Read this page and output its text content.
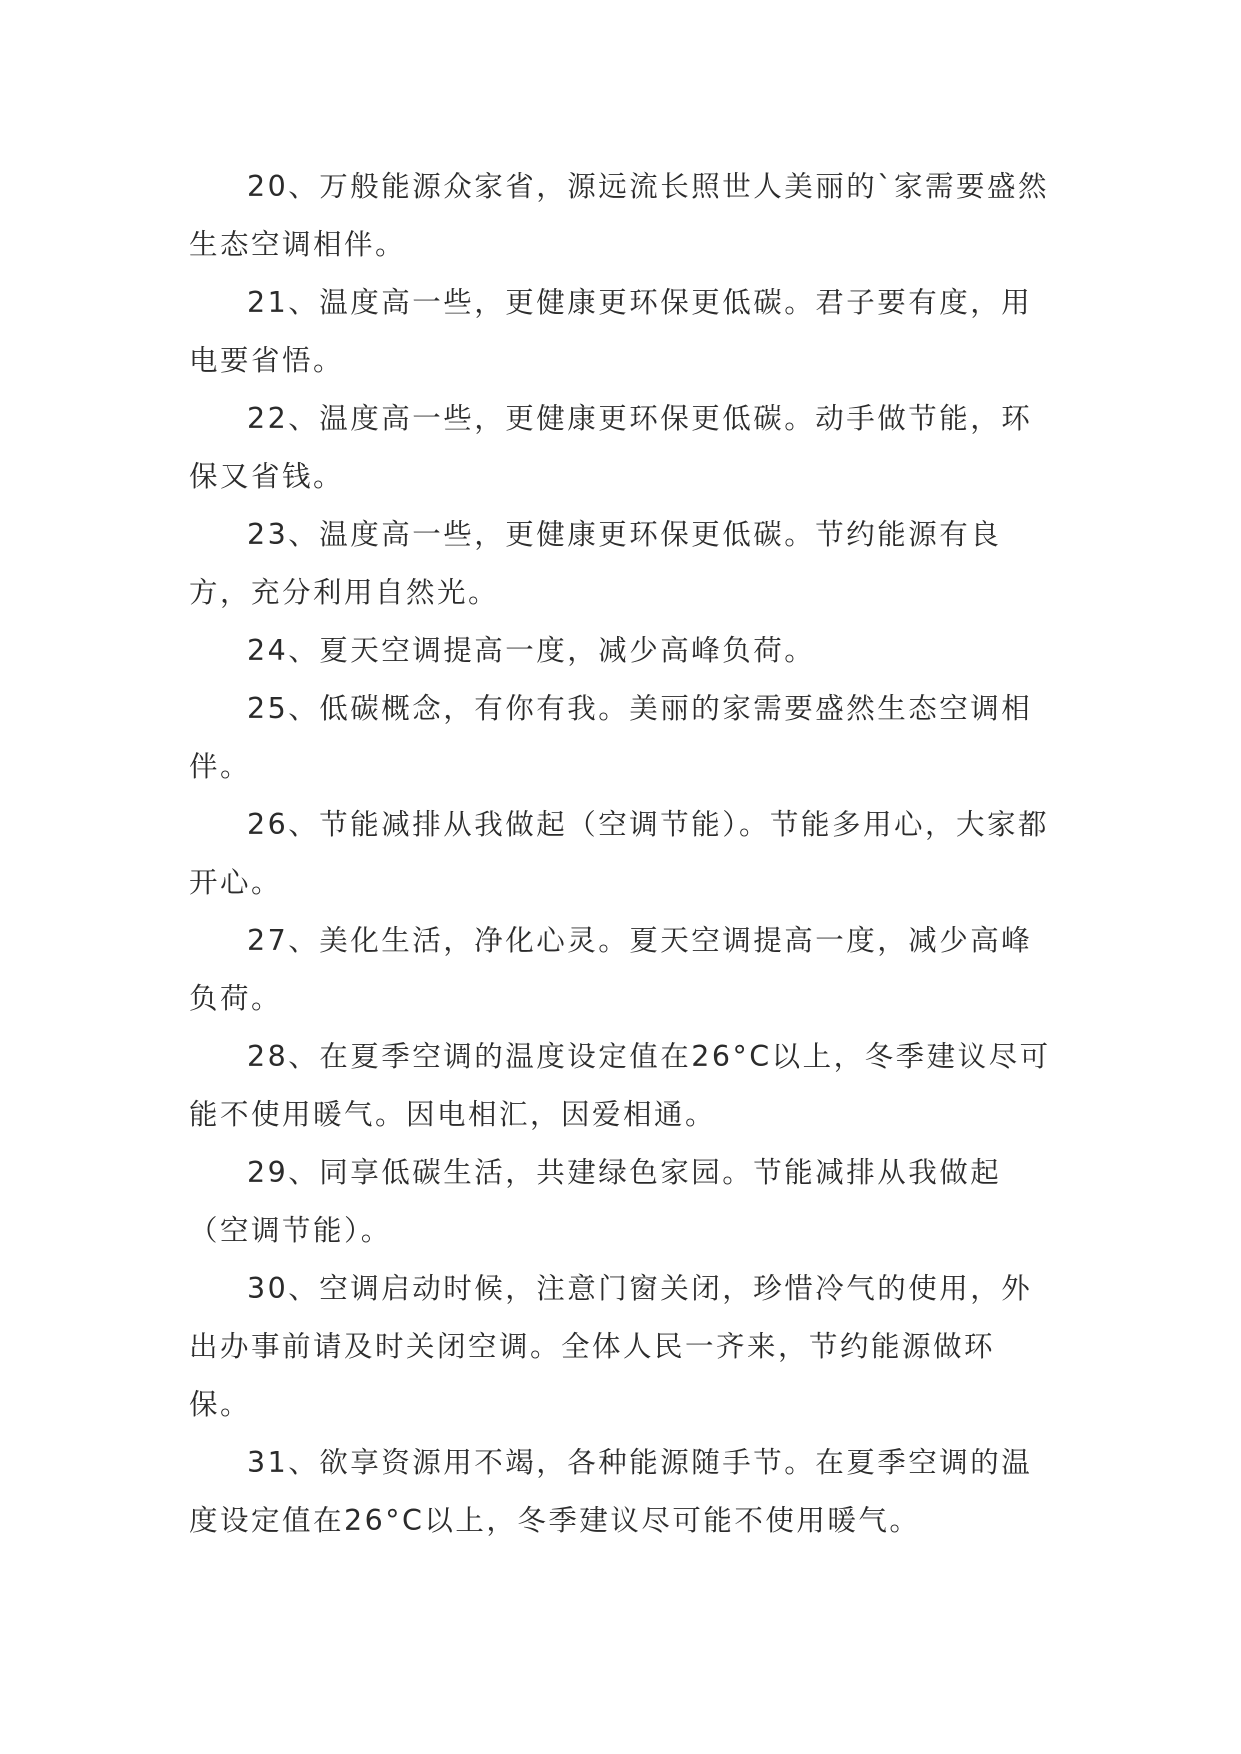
20、万般能源众家省，源远流长照世人美丽的`家需要盛然生态空调相伴。

21、温度高一些，更健康更环保更低碳。君子要有度，用电要省悟。

22、温度高一些，更健康更环保更低碳。动手做节能，环保又省钱。

23、温度高一些，更健康更环保更低碳。节约能源有良方，充分利用自然光。

24、夏天空调提高一度，减少高峰负荷。

25、低碳概念，有你有我。美丽的家需要盛然生态空调相伴。

26、节能减排从我做起（空调节能）。节能多用心，大家都开心。

27、美化生活，净化心灵。夏天空调提高一度，减少高峰负荷。

28、在夏季空调的温度设定值在26°C以上，冬季建议尽可能不使用暖气。因电相汇，因爱相通。

29、同享低碳生活，共建绿色家园。节能减排从我做起（空调节能）。

30、空调启动时候，注意门窗关闭，珍惜冷气的使用，外出办事前请及时关闭空调。全体人民一齐来，节约能源做环保。

31、欲享资源用不竭，各种能源随手节。在夏季空调的温度设定值在26°C以上，冬季建议尽可能不使用暖气。
